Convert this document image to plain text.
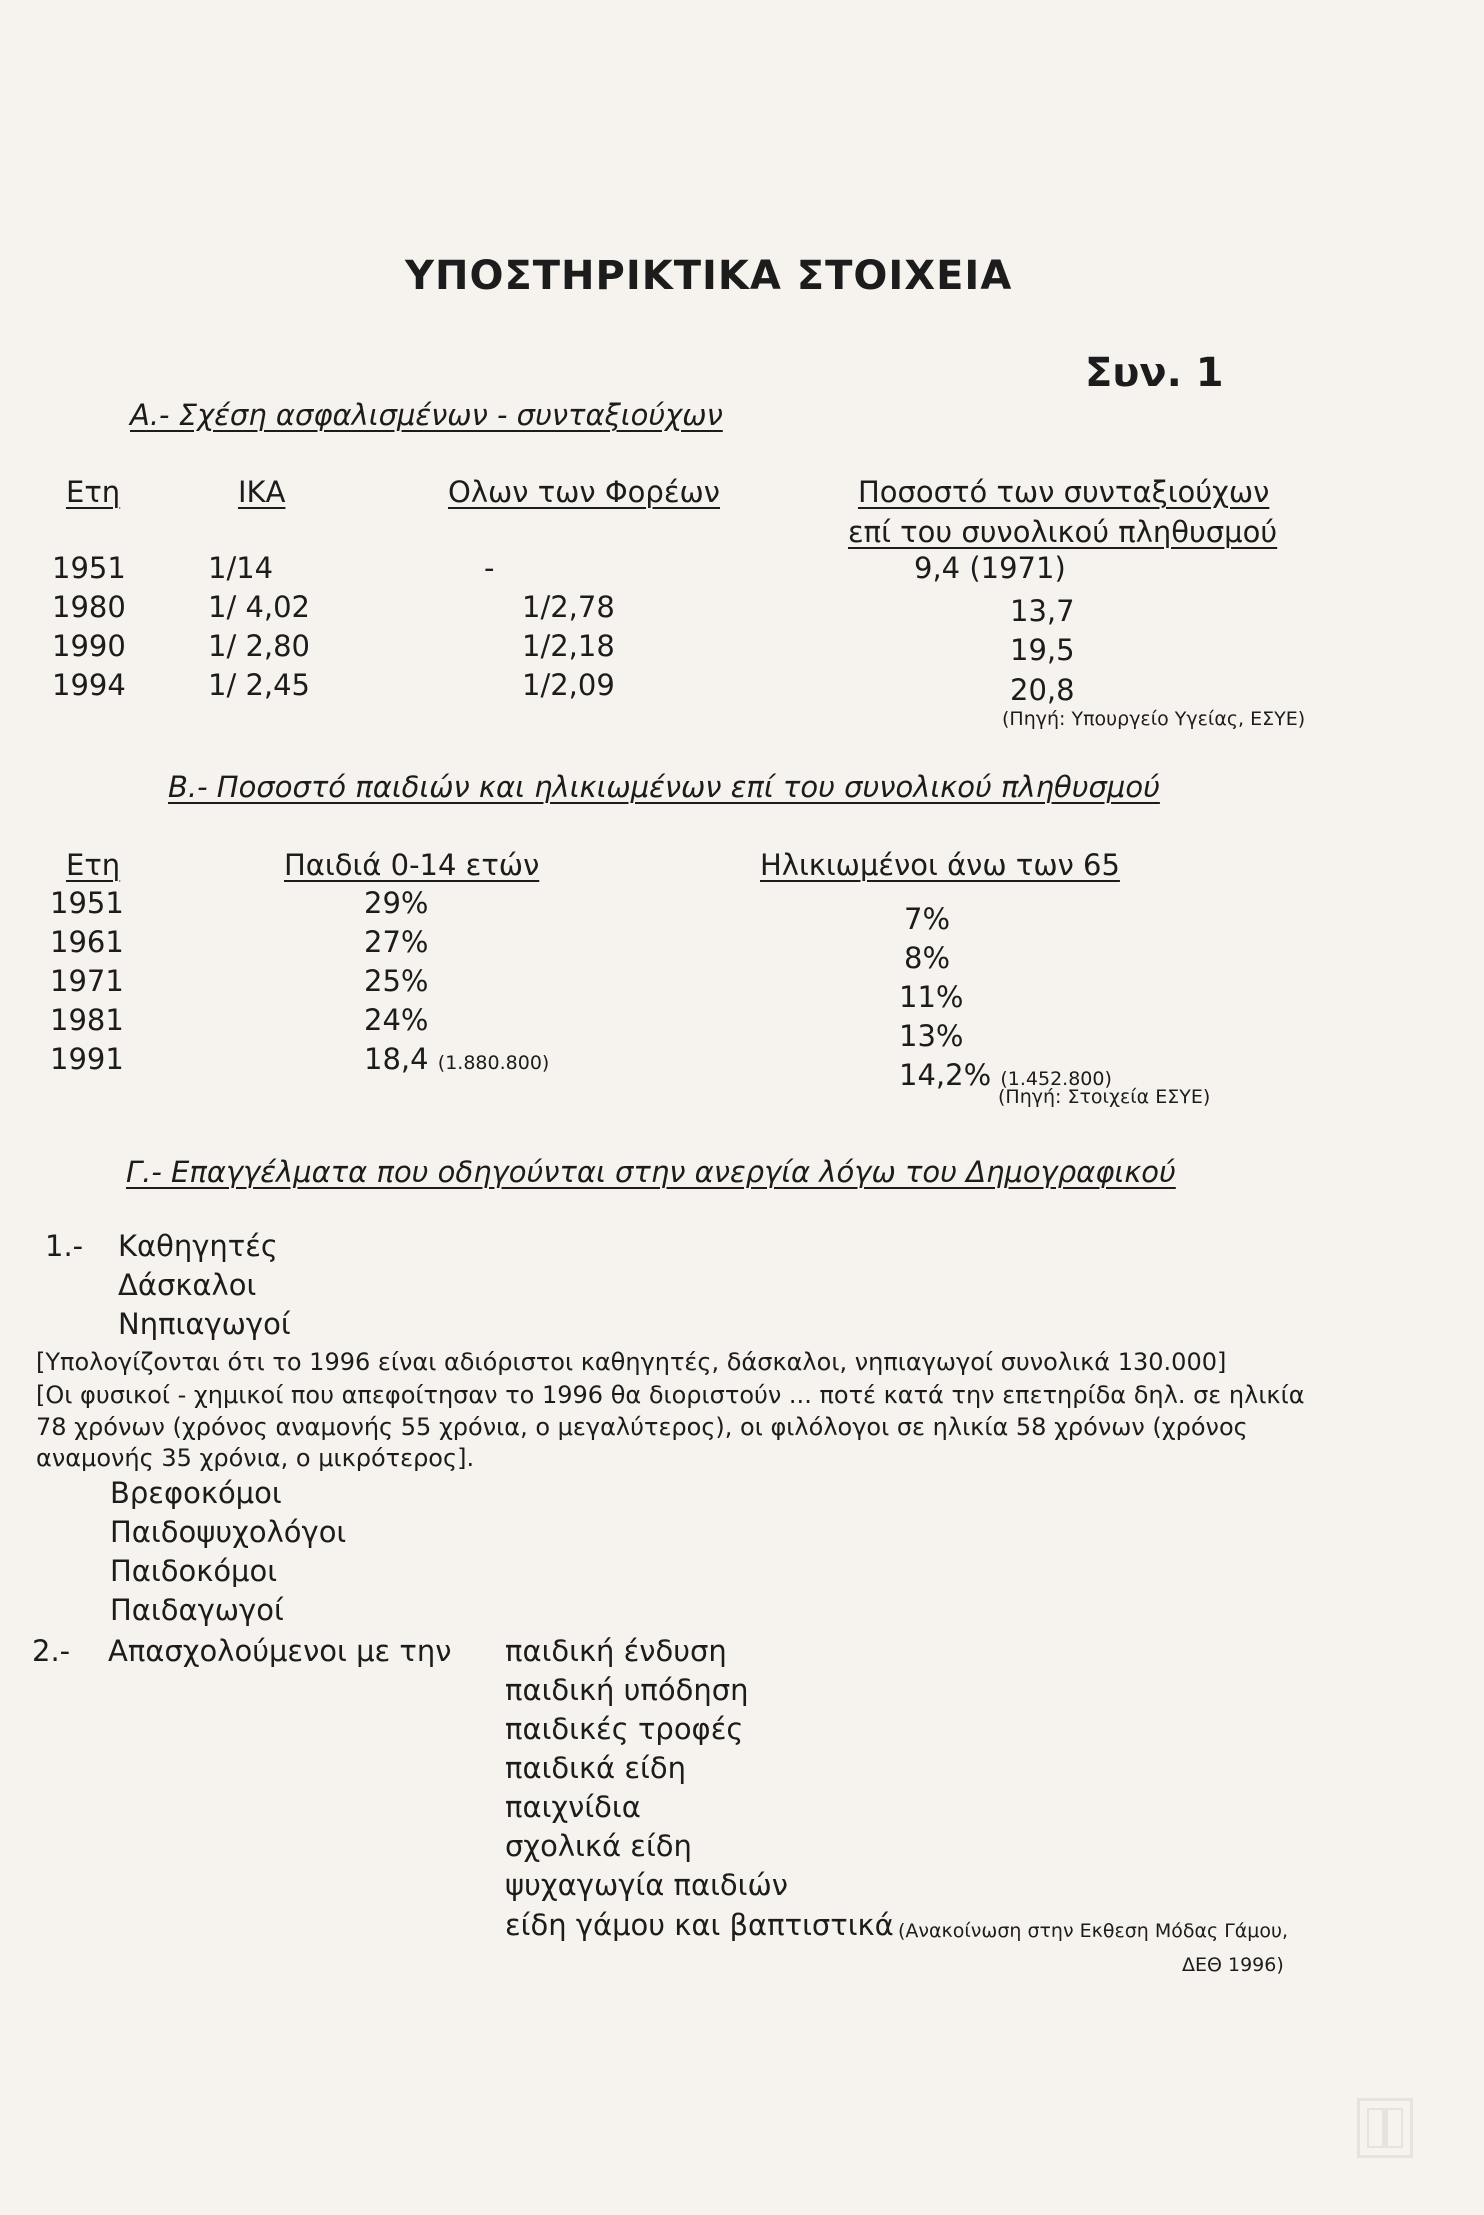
ΥΠΟΣΤΗΡΙΚΤΙΚΑ ΣΤΟΙΧΕΙΑ
Συν. 1
Α.- Σχέση ασφαλισμένων - συνταξιούχων
Ετη	ΙΚΑ	Ολων των Φορέων	Ποσοστό των συνταξιούχων
επί του συνολικού πληθυσμού
1951	1/14	-	9,4 (1971)
1980	1/ 4,02	1/2,78	13,7
1990	1/ 2,80	1/2,18	19,5
1994	1/ 2,45	1/2,09	20,8
(Πηγή: Υπουργείο Υγείας, ΕΣΥΕ)
Β.- Ποσοστό παιδιών και ηλικιωμένων επί του συνολικού πληθυσμού
Ετη	Παιδιά 0-14 ετών	Ηλικιωμένοι άνω των 65
1951	29%	7%
1961	27%	8%
1971	25%	11%
1981	24%	13%
1991	18,4 (1.880.800)	14,2% (1.452.800)
(Πηγή: Στοιχεία ΕΣΥΕ)
Γ.- Επαγγέλματα που οδηγούνται στην ανεργία λόγω του Δημογραφικού
1.- Καθηγητές
Δάσκαλοι
Νηπιαγωγοί
[Υπολογίζονται ότι το 1996 είναι αδιόριστοι καθηγητές, δάσκαλοι, νηπιαγωγοί συνολικά 130.000]
[Οι φυσικοί - χημικοί που απεφοίτησαν το 1996 θα διοριστούν ... ποτέ κατά την επετηρίδα δηλ. σε ηλικία
78 χρόνων (χρόνος αναμονής 55 χρόνια, ο μεγαλύτερος), οι φιλόλογοι σε ηλικία 58 χρόνων (χρόνος
αναμονής 35 χρόνια, ο μικρότερος].
Βρεφοκόμοι
Παιδοψυχολόγοι
Παιδοκόμοι
Παιδαγωγοί
2.- Απασχολούμενοι με την παιδική ένδυση
παιδική υπόδηση
παιδικές τροφές
παιδικά είδη
παιχνίδια
σχολικά είδη
ψυχαγωγία παιδιών
είδη γάμου και βαπτιστικά (Ανακοίνωση στην Εκθεση Μόδας Γάμου,
ΔΕΘ 1996)
